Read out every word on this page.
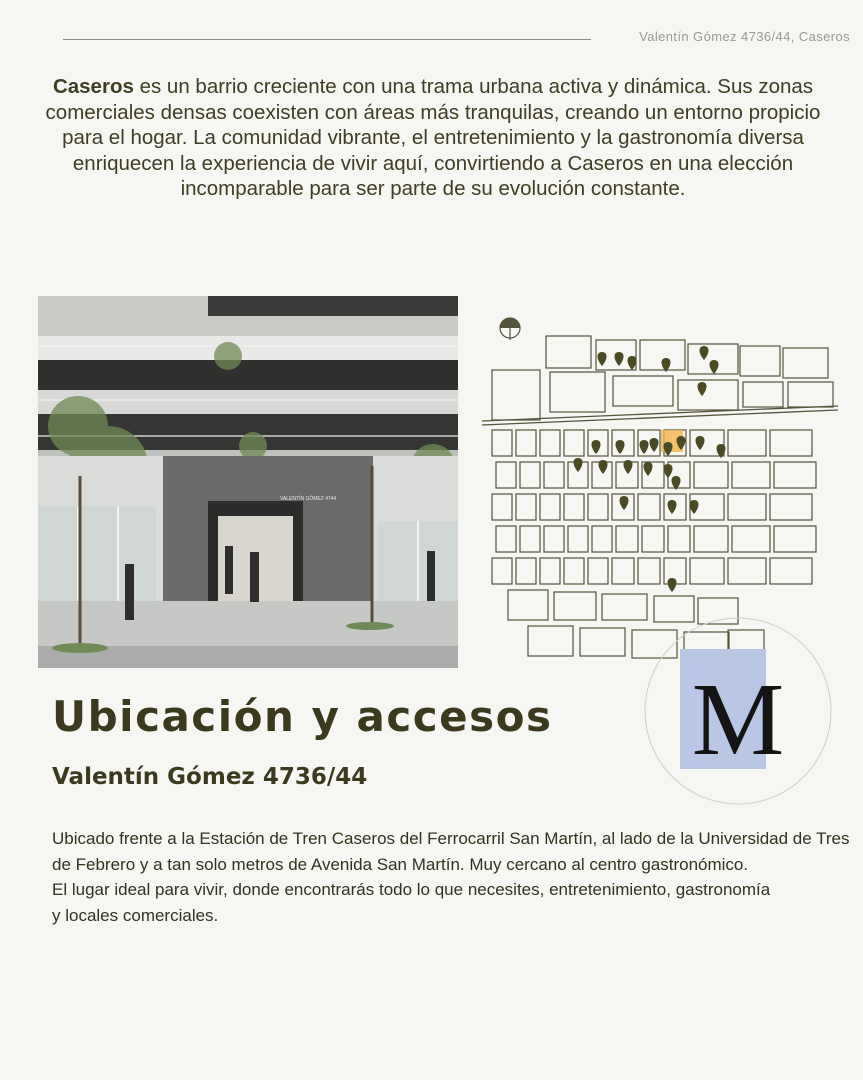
Valentín Gómez 4736/44, Caseros
Caseros es un barrio creciente con una trama urbana activa y dinámica. Sus zonas comerciales densas coexisten con áreas más tranquilas, creando un entorno propicio para el hogar. La comunidad vibrante, el entretenimiento y la gastronomía diversa enriquecen la experiencia de vivir aquí, convirtiendo a Caseros en una elección incomparable para ser parte de su evolución constante.
VALENTÍN GÓMEZ 4744
M
Ubicación y accesos
Valentín Gómez 4736/44

Ubicado frente a la Estación de Tren Caseros del Ferrocarril San Martín, al lado de la Universidad de Tres de Febrero y a tan solo metros de Avenida San Martín. Muy cercano al centro gastronómico.

El lugar ideal para vivir, donde encontrarás todo lo que necesites, entretenimiento, gastronomía

y locales comerciales.
